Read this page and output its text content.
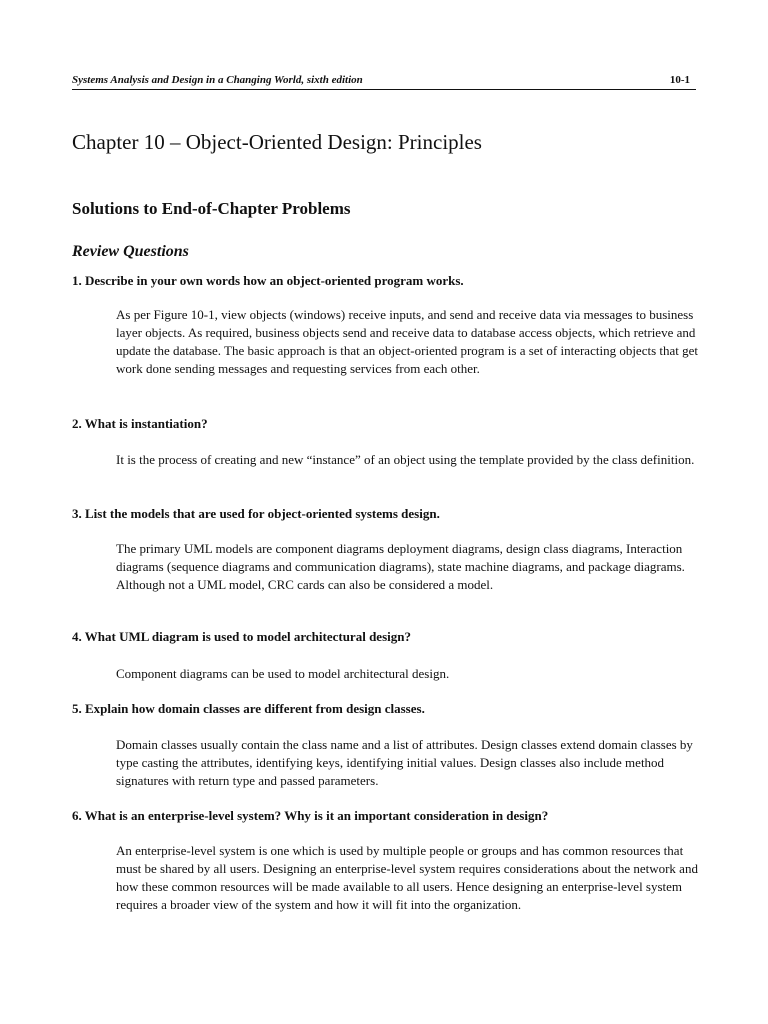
Systems Analysis and Design in a Changing World, sixth edition	10-1
Chapter 10 – Object-Oriented Design: Principles
Solutions to End-of-Chapter Problems
Review Questions

1. Describe in your own words how an object-oriented program works.

As per Figure 10-1, view objects (windows) receive inputs, and send and receive data via messages to business layer objects. As required, business objects send and receive data to database access objects, which retrieve and update the database. The basic approach is that an object-oriented program is a set of interacting objects that get work done sending messages and requesting services from each other.

2. What is instantiation?

It is the process of creating and new “instance” of an object using the template provided by the class definition.

3. List the models that are used for object-oriented systems design.

The primary UML models are component diagrams deployment diagrams, design class diagrams, Interaction diagrams (sequence diagrams and communication diagrams), state machine diagrams, and package diagrams. Although not a UML model, CRC cards can also be considered a model.

4. What UML diagram is used to model architectural design?

Component diagrams can be used to model architectural design.

5. Explain how domain classes are different from design classes.

Domain classes usually contain the class name and a list of attributes. Design classes extend domain classes by type casting the attributes, identifying keys, identifying initial values. Design classes also include method signatures with return type and passed parameters.

6. What is an enterprise-level system? Why is it an important consideration in design?

An enterprise-level system is one which is used by multiple people or groups and has common resources that must be shared by all users. Designing an enterprise-level system requires considerations about the network and how these common resources will be made available to all users. Hence designing an enterprise-level system requires a broader view of the system and how it will fit into the organization.
